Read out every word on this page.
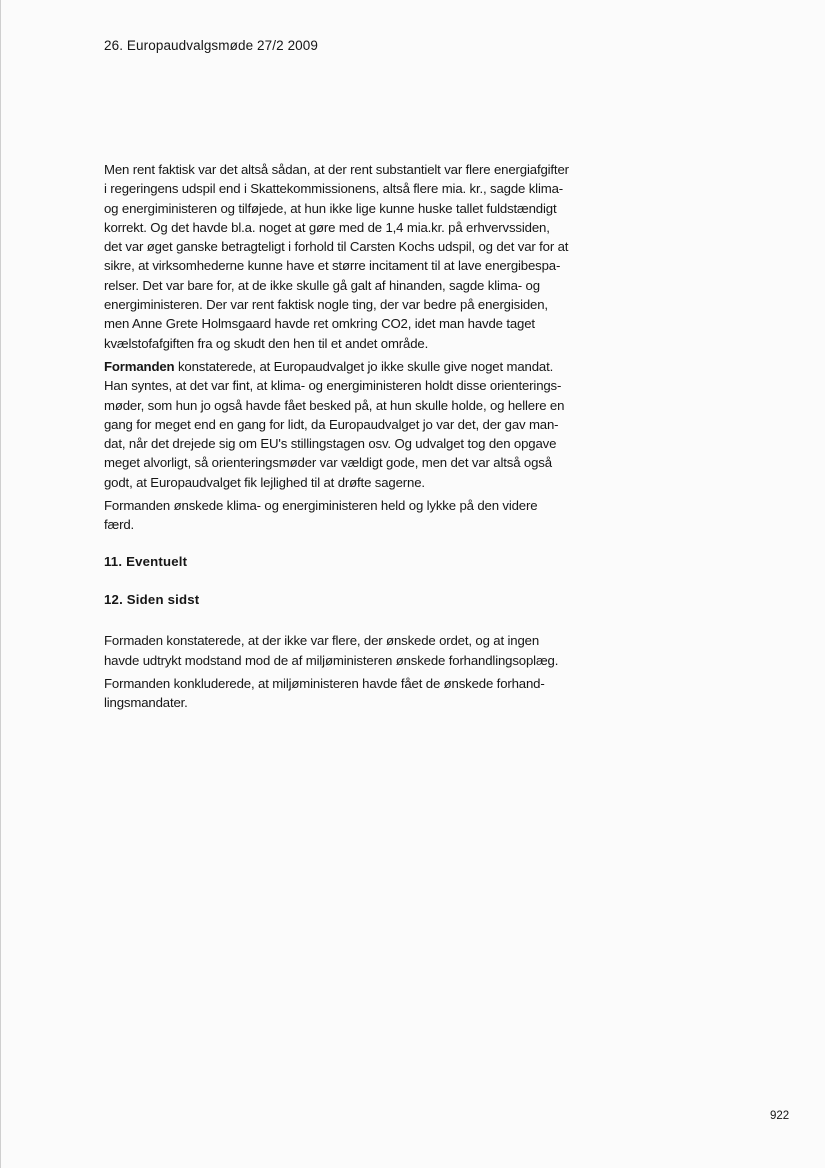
26. Europaudvalgsmøde 27/2 2009

Men rent faktisk var det altså sådan, at der rent substantielt var flere energiafgifter
i regeringens udspil end i Skattekommissionens, altså flere mia. kr., sagde klima-
og energiministeren og tilføjede, at hun ikke lige kunne huske tallet fuldstændigt
korrekt. Og det havde bl.a. noget at gøre med de 1,4 mia.kr. på erhvervssiden,
det var øget ganske betragteligt i forhold til Carsten Kochs udspil, og det var for at
sikre, at virksomhederne kunne have et større incitament til at lave energibespa-
relser. Det var bare for, at de ikke skulle gå galt af hinanden, sagde klima- og
energiministeren. Der var rent faktisk nogle ting, der var bedre på energisiden,
men Anne Grete Holmsgaard havde ret omkring CO2, idet man havde taget
kvælstofafgiften fra og skudt den hen til et andet område.

Formanden konstaterede, at Europaudvalget jo ikke skulle give noget mandat.
Han syntes, at det var fint, at klima- og energiministeren holdt disse orienterings-
møder, som hun jo også havde fået besked på, at hun skulle holde, og hellere en
gang for meget end en gang for lidt, da Europaudvalget jo var det, der gav man-
dat, når det drejede sig om EU's stillingstagen osv. Og udvalget tog den opgave
meget alvorligt, så orienteringsmøder var vældigt gode, men det var altså også
godt, at Europaudvalget fik lejlighed til at drøfte sagerne.

Formanden ønskede klima- og energiministeren held og lykke på den videre
færd.

11. Eventuelt
12. Siden sidst

Formaden konstaterede, at der ikke var flere, der ønskede ordet, og at ingen
havde udtrykt modstand mod de af miljøministeren ønskede forhandlingsoplæg.

Formanden konkluderede, at miljøministeren havde fået de ønskede forhand-
lingsmandater.

922
